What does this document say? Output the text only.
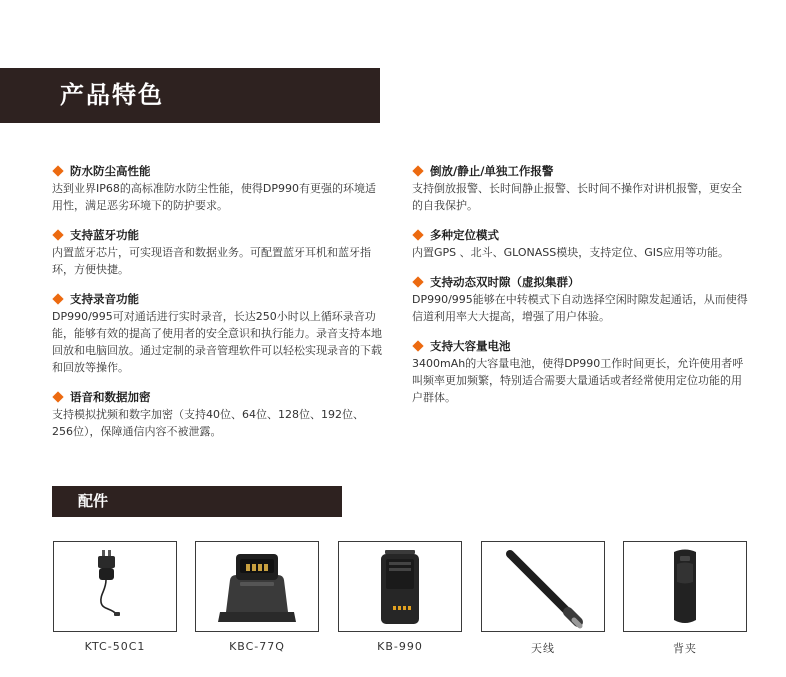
产品特色
防水防尘高性能
达到业界IP68的高标准防水防尘性能，使得DP990有更强的环境适用性，满足恶劣环境下的防护要求。
支持蓝牙功能
内置蓝牙芯片，可实现语音和数据业务。可配置蓝牙耳机和蓝牙指环，方便快捷。
支持录音功能
DP990/995可对通话进行实时录音，长达250小时以上循环录音功能，能够有效的提高了使用者的安全意识和执行能力。录音支持本地回放和电脑回放。通过定制的录音管理软件可以轻松实现录音的下载和回放等操作。
语音和数据加密
支持模拟扰频和数字加密（支持40位、64位、128位、192位、256位），保障通信内容不被泄露。
倒放/静止/单独工作报警
支持倒放报警、长时间静止报警、长时间不操作对讲机报警，更安全的自我保护。
多种定位模式
内置GPS 、北斗、GLONASS模块，支持定位、GIS应用等功能。
支持动态双时隙（虚拟集群）
DP990/995能够在中转模式下自动选择空闲时隙发起通话，从而使得信道利用率大大提高，增强了用户体验。
支持大容量电池
3400mAh的大容量电池，使得DP990工作时间更长，允许使用者呼叫频率更加频繁，特别适合需要大量通话或者经常使用定位功能的用户群体。
配件
KTC-50C1	KBC-77Q	KB-990	天线	背夹
